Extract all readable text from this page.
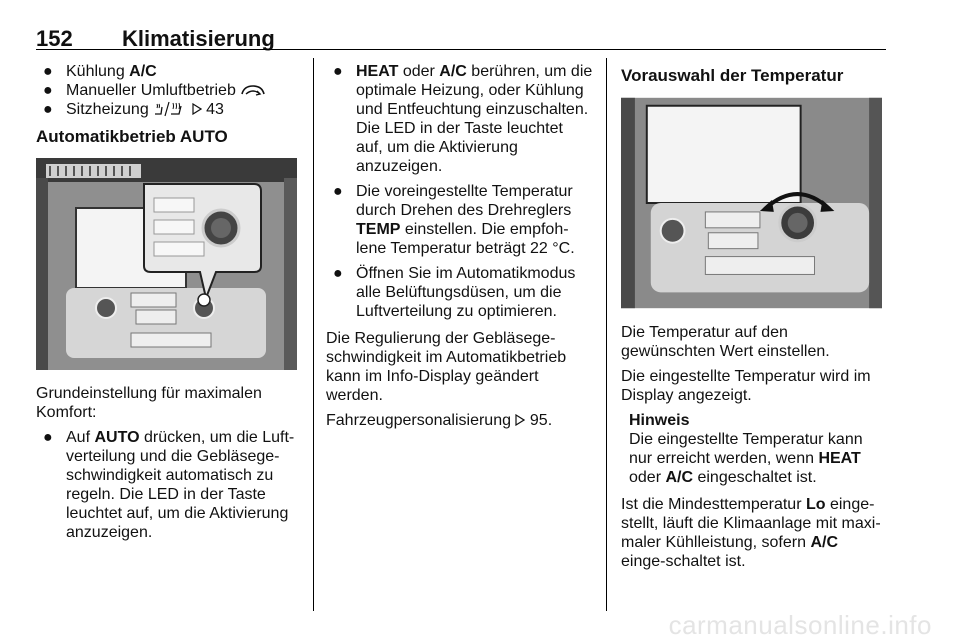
152 Klimatisierung
● Kühlung A/C
● Manueller Umluftbetrieb
● Sitzheizung	43
Automatikbetrieb AUTO

Grundeinstellung für maximalen Komfort:

● Auf AUTO drücken, um die Luft-verteilung und die Gebläsege-schwindigkeit automatisch zu regeln. Die LED in der Taste leuchtet auf, um die Aktivierung anzuzeigen.
● HEAT oder A/C berühren, um die optimale Heizung, oder Kühlung und Entfeuchtung einzuschalten. Die LED in der Taste leuchtet auf, um die Aktivierung anzuzeigen.
● Die voreingestellte Temperatur durch Drehen des Drehreglers TEMP einstellen. Die empfoh-lene Temperatur beträgt 22 °C.
● Öffnen Sie im Automatikmodus alle Belüftungsdüsen, um die Luftverteilung zu optimieren.

Die Regulierung der Gebläsege-schwindigkeit im Automatikbetrieb kann im Info-Display geändert werden.

Fahrzeugpersonalisierung  95.

Vorauswahl der Temperatur

Die Temperatur auf den gewünschten Wert einstellen.

Die eingestellte Temperatur wird im Display angezeigt.

Hinweis
Die eingestellte Temperatur kann nur erreicht werden, wenn HEAT oder A/C eingeschaltet ist.

Ist die Mindesttemperatur Lo einge-stellt, läuft die Klimaanlage mit maxi-maler Kühlleistung, sofern A/C einge-schaltet ist.

carmanualsonline.info
